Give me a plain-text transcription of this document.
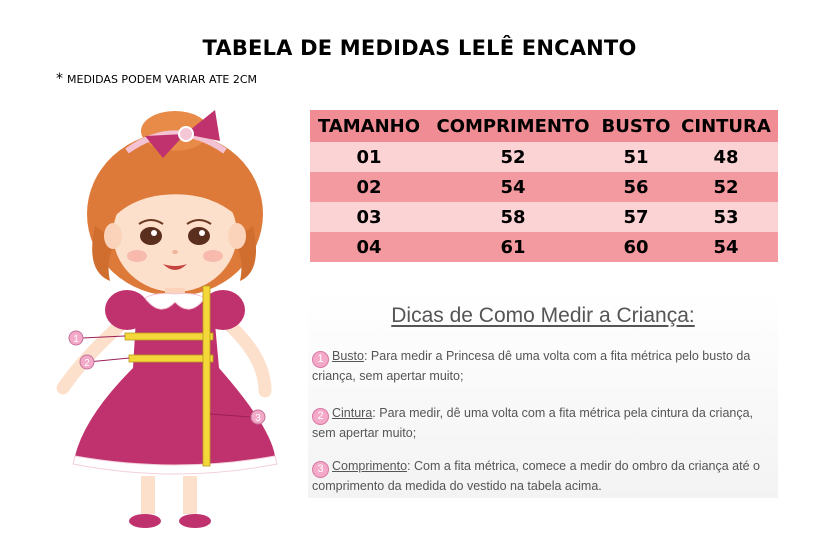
TABELA DE MEDIDAS LELÊ ENCANTO
* MEDIDAS PODEM VARIAR ATE 2CM
1
2
3
TAMANHO	COMPRIMENTO	BUSTO	CINTURA
01	52	51	48
02	54	56	52
03	58	57	53
04	61	60	54
Dicas de Como Medir a Criança:
1 Busto: Para medir a Princesa dê uma volta com a fita métrica pelo busto da criança, sem apertar muito;
2 Cintura: Para medir, dê uma volta com a fita métrica pela cintura da criança, sem apertar muito;
3 Comprimento: Com a fita métrica, comece a medir do ombro da criança até o comprimento da medida do vestido na tabela acima.
